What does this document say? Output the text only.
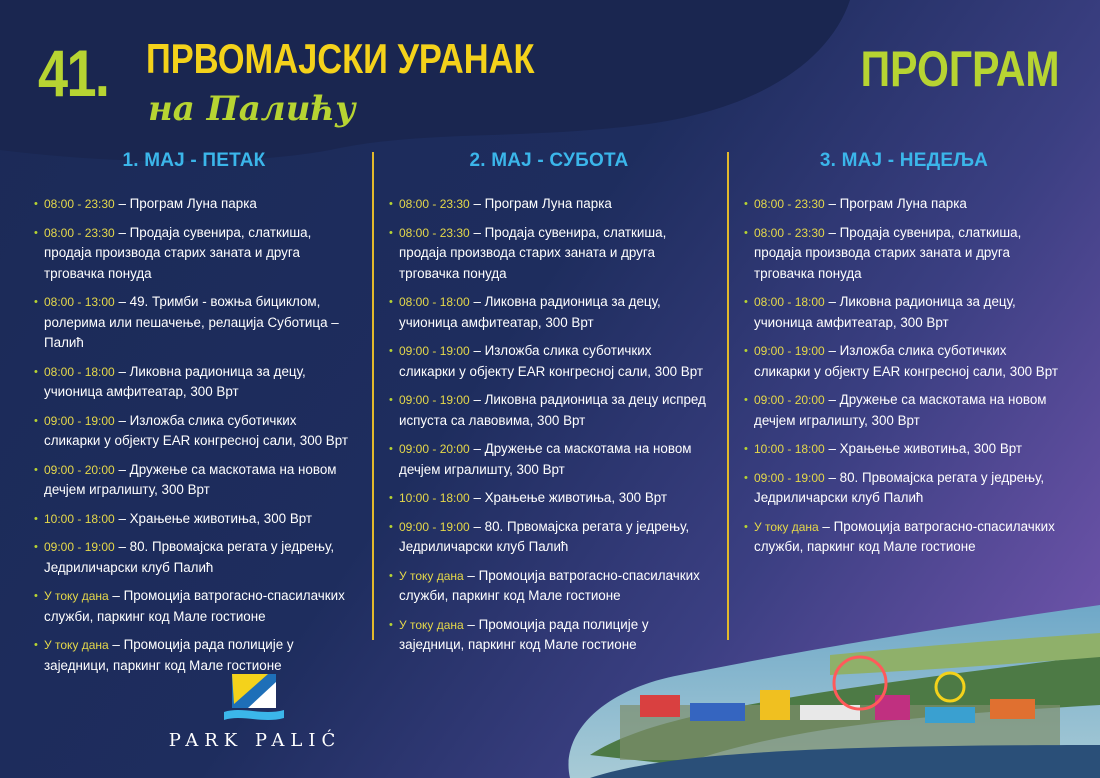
41. ПРВОМАЈСКИ УРАНАК
на Палићу
ПРОГРАМ
1. МАЈ - ПЕТАК
• 08:00 - 23:30 – Програм Луна парка
• 08:00 - 23:30 – Продаја сувенира, слаткиша, продаја производа старих заната и друга трговачка понуда
• 08:00 - 13:00 – 49. Тримби - вожња бициклом, ролерима или пешачење, релација Суботица – Палић
• 08:00 - 18:00 – Ликовна радионица за децу, учионица амфитеатар, 300 Врт
• 09:00 - 19:00 – Изложба слика суботичких сликарки у објекту EAR конгресној сали, 300 Врт
• 09:00 - 20:00 – Дружење са маскотама на новом дечјем игралишту, 300 Врт
• 10:00 - 18:00 – Храњење животиња, 300 Врт
• 09:00 - 19:00 – 80. Првомајска регата у једрењу, Једриличарски клуб Палић
• У току дана – Промоција ватрогасно-спасилачких служби, паркинг код Мале гостионе
• У току дана – Промоција рада полиције у заједници, паркинг код Мале гостионе
2. МАЈ - СУБОТА
• 08:00 - 23:30 – Програм Луна парка
• 08:00 - 23:30 – Продаја сувенира, слаткиша, продаја производа старих заната и друга трговачка понуда
• 08:00 - 18:00 – Ликовна радионица за децу, учионица амфитеатар, 300 Врт
• 09:00 - 19:00 – Изложба слика суботичких сликарки у објекту EAR конгресној сали, 300 Врт
• 09:00 - 19:00 – Ликовна радионица за децу испред испуста са лавовима, 300 Врт
• 09:00 - 20:00 – Дружење са маскотама на новом дечјем игралишту, 300 Врт
• 10:00 - 18:00 – Храњење животиња, 300 Врт
• 09:00 - 19:00 – 80. Првомајска регата у једрењу, Једриличарски клуб Палић
• У току дана – Промоција ватрогасно-спасилачких служби, паркинг код Мале гостионе
• У току дана – Промоција рада полиције у заједници, паркинг код Мале гостионе
3. МАЈ - НЕДЕЉА
• 08:00 - 23:30 – Програм Луна парка
• 08:00 - 23:30 – Продаја сувенира, слаткиша, продаја производа старих заната и друга трговачка понуда
• 08:00 - 18:00 – Ликовна радионица за децу, учионица амфитеатар, 300 Врт
• 09:00 - 19:00 – Изложба слика суботичких сликарки у објекту EAR конгресној сали, 300 Врт
• 09:00 - 20:00 – Дружење са маскотама на новом дечјем игралишту, 300 Врт
• 10:00 - 18:00 – Храњење животиња, 300 Врт
• 09:00 - 19:00 – 80. Првомајска регата у једрењу, Једриличарски клуб Палић
• У току дана – Промоција ватрогасно-спасилачких служби, паркинг код Мале гостионе
PARK PALIĆ
